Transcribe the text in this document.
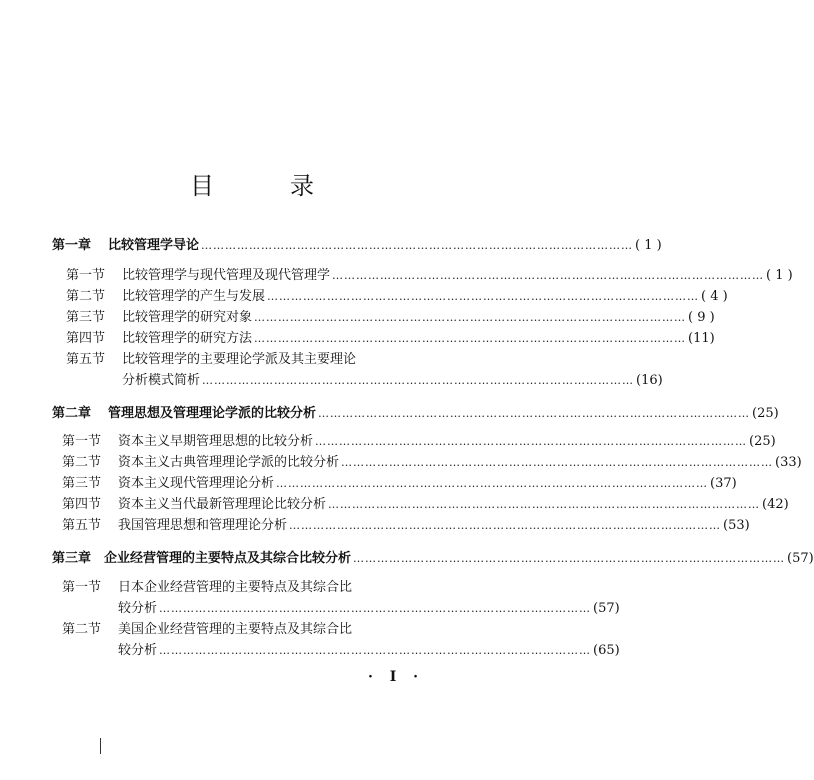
目　录
第一章 比较管理学导论 ……………………………………………………………………………………………… ( 1 )
第一节 比较管理学与现代管理及现代管理学 ……………………………………………………………………………………………… ( 1 )
第二节 比较管理学的产生与发展 ……………………………………………………………………………………………… ( 4 )
第三节 比较管理学的研究对象 ……………………………………………………………………………………………… ( 9 )
第四节 比较管理学的研究方法 ……………………………………………………………………………………………… (11)
第五节 比较管理学的主要理论学派及其主要理论
分析模式简析 ……………………………………………………………………………………………… (16)
第二章 管理思想及管理理论学派的比较分析 ……………………………………………………………………………………………… (25)
第一节 资本主义早期管理思想的比较分析 ……………………………………………………………………………………………… (25)
第二节 资本主义古典管理理论学派的比较分析 ……………………………………………………………………………………………… (33)
第三节 资本主义现代管理理论分析 ……………………………………………………………………………………………… (37)
第四节 资本主义当代最新管理理论比较分析 ……………………………………………………………………………………………… (42)
第五节 我国管理思想和管理理论分析 ……………………………………………………………………………………………… (53)
第三章 企业经营管理的主要特点及其综合比较分析 ……………………………………………………………………………………………… (57)
第一节 日本企业经营管理的主要特点及其综合比
较分析 ……………………………………………………………………………………………… (57)
第二节 美国企业经营管理的主要特点及其综合比
较分析 ……………………………………………………………………………………………… (65)
· I ·
